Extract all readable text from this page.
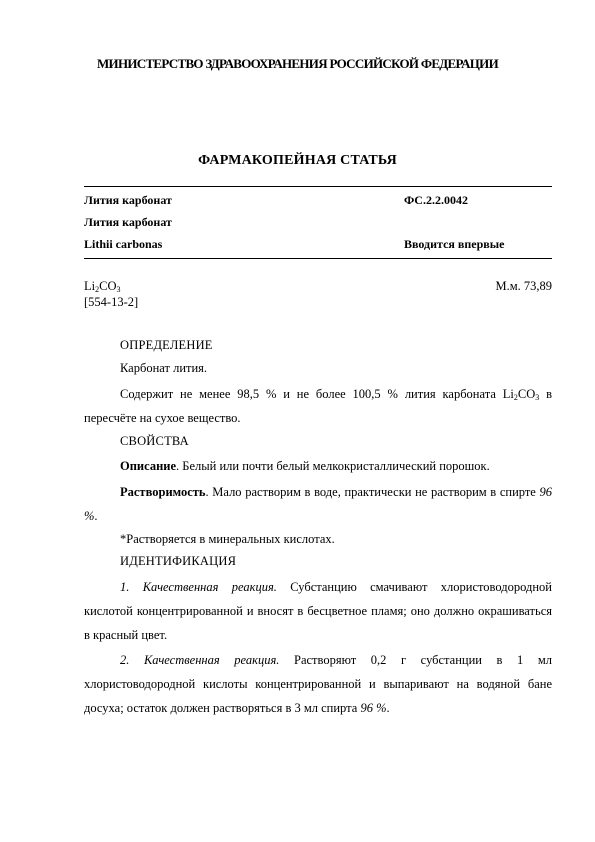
МИНИСТЕРСТВО ЗДРАВООХРАНЕНИЯ РОССИЙСКОЙ ФЕДЕРАЦИИ
ФАРМАКОПЕЙНАЯ СТАТЬЯ
Лития карбонат	ФС.2.2.0042
Лития карбонат
Lithii carbonas	Вводится впервые
$Li_2CO_3$	М.м. 73,89
[554-13-2]
ОПРЕДЕЛЕНИЕ
Карбонат лития.
Содержит не менее 98,5 % и не более 100,5 % лития карбоната $Li_2CO_3$ в пересчёте на сухое вещество.
СВОЙСТВА
Описание. Белый или почти белый мелкокристаллический порошок.
Растворимость. Мало растворим в воде, практически не растворим в спирте 96 %.
*Растворяется в минеральных кислотах.
ИДЕНТИФИКАЦИЯ
1. Качественная реакция. Субстанцию смачивают хлористоводородной кислотой концентрированной и вносят в бесцветное пламя; оно должно окрашиваться в красный цвет.
2. Качественная реакция. Растворяют 0,2 г субстанции в 1 мл хлористоводородной кислоты концентрированной и выпаривают на водяной бане досуха; остаток должен растворяться в 3 мл спирта 96 %.
